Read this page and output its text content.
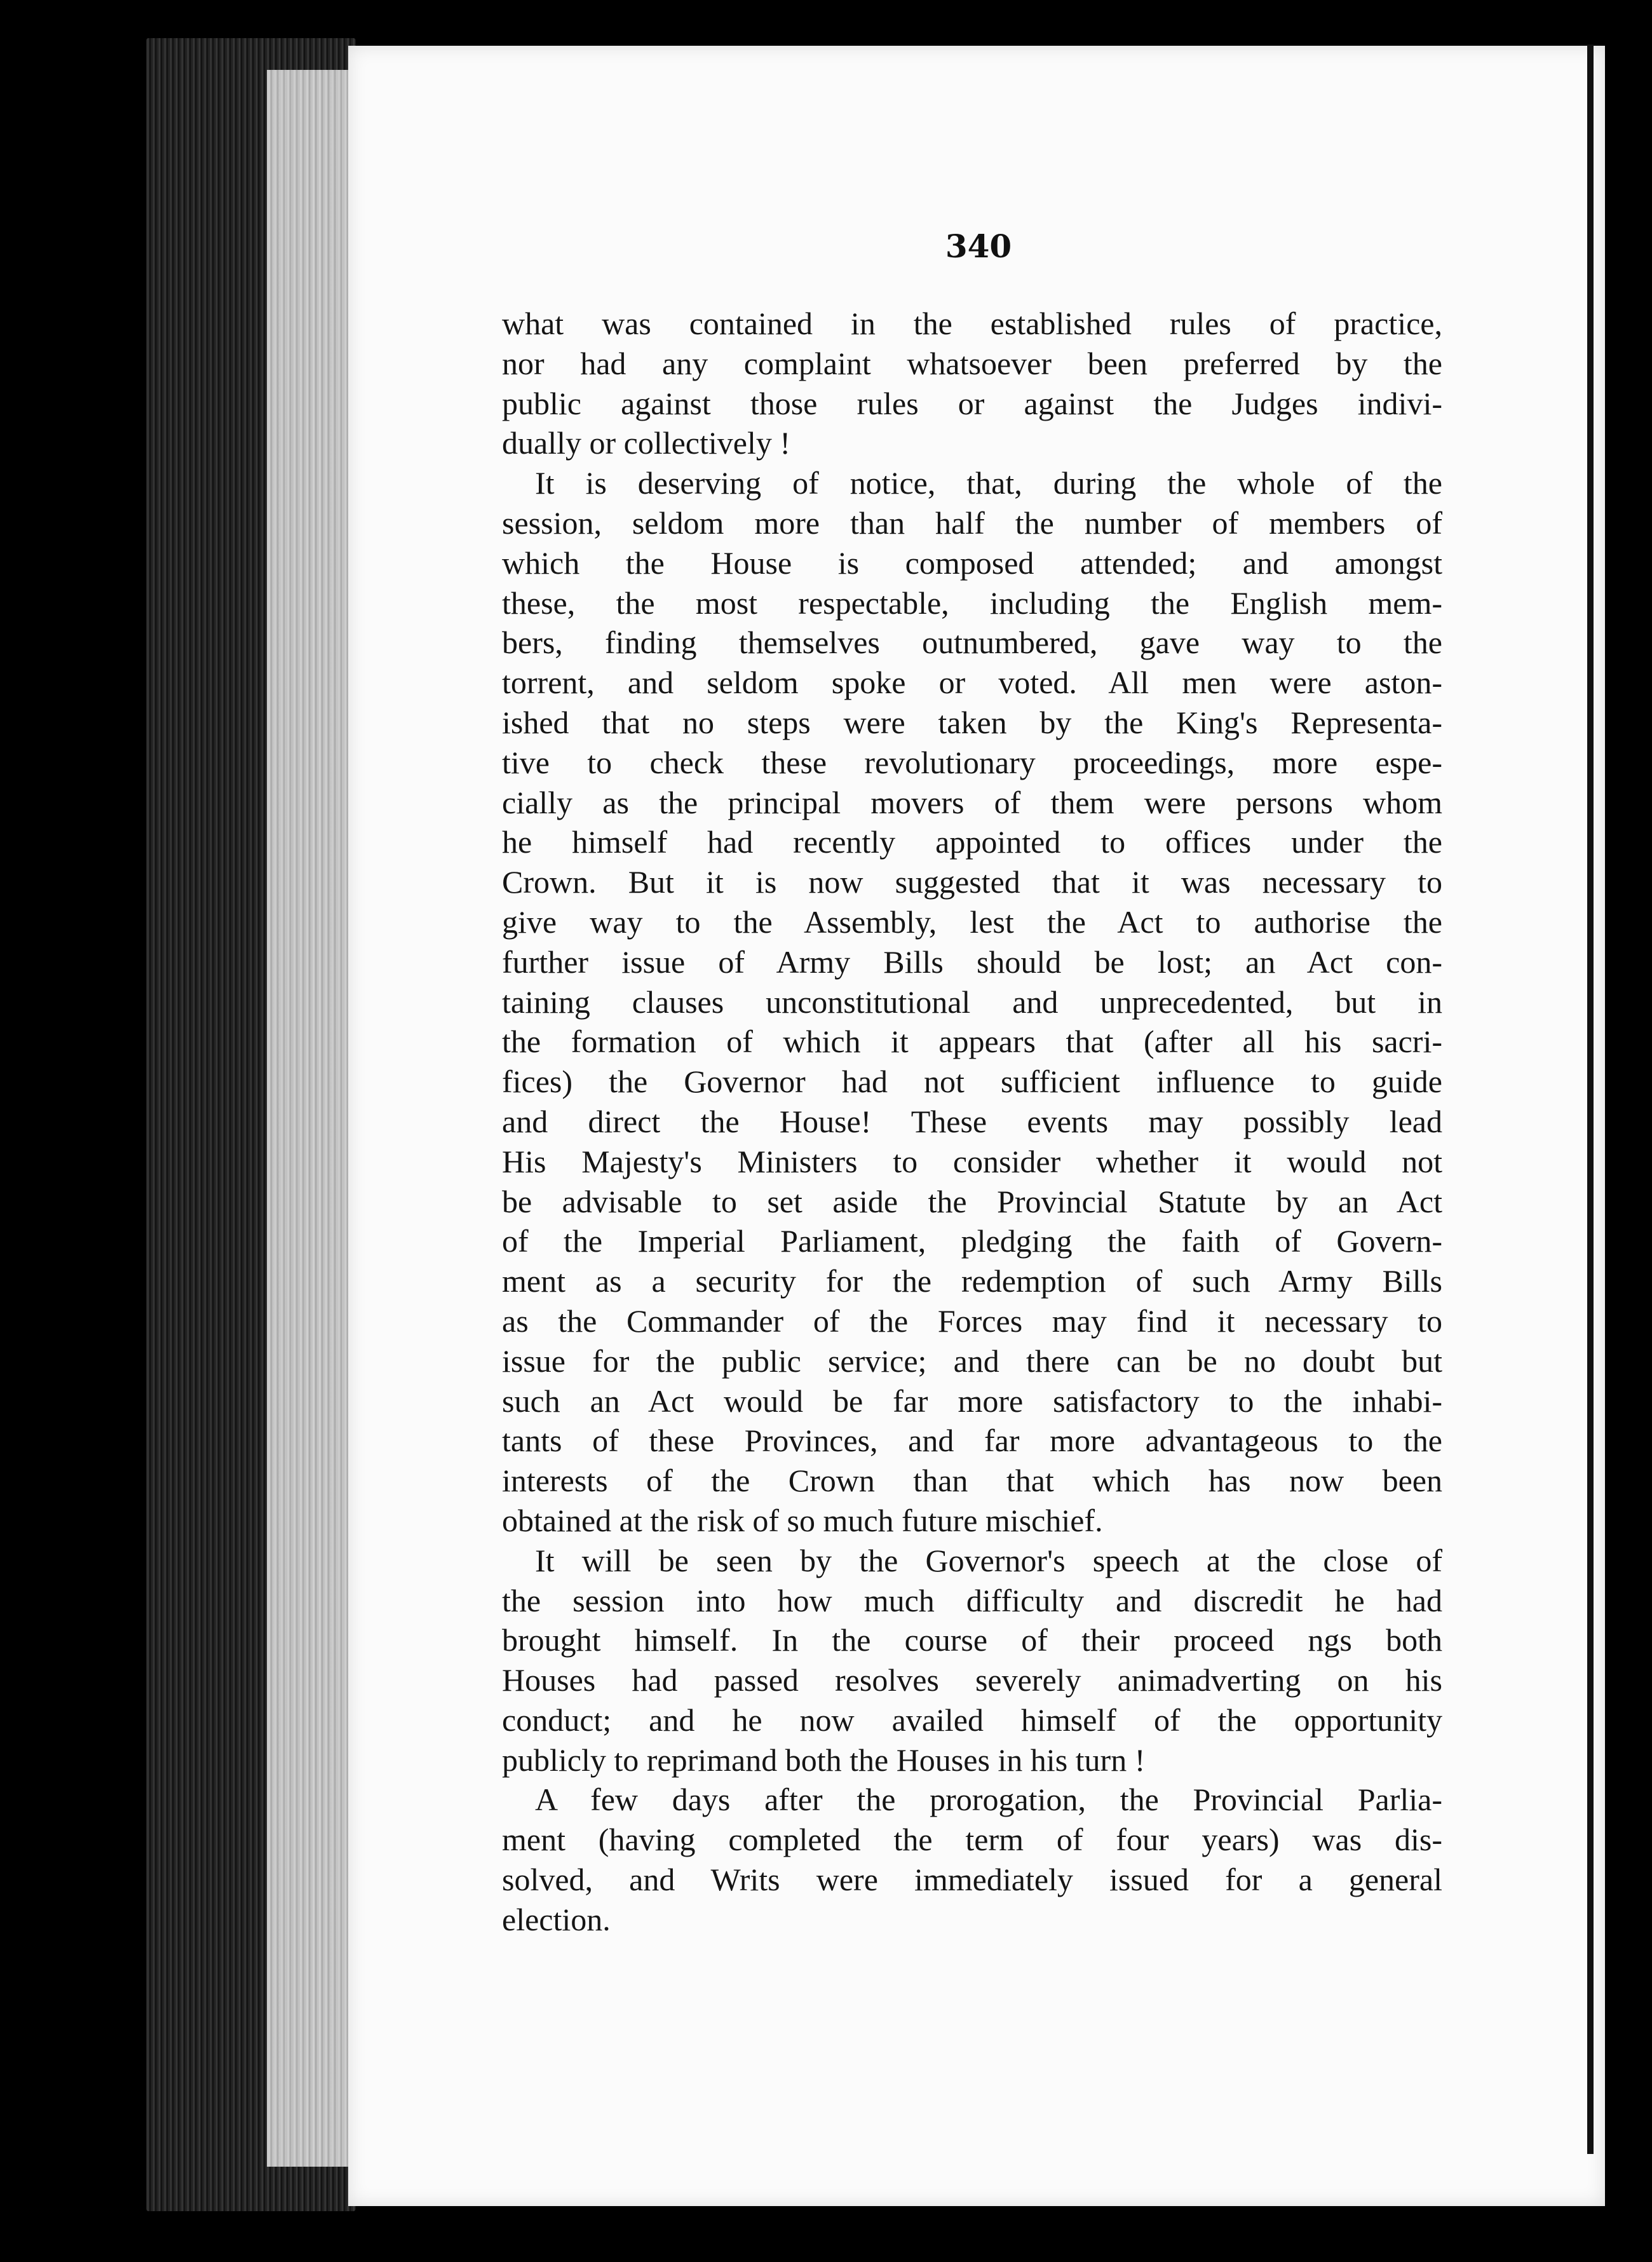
340
what was contained in the established rules of practice,
nor had any complaint whatsoever been preferred by the
public against those rules or against the Judges indivi-
dually or collectively !
It is deserving of notice, that, during the whole of the
session, seldom more than half the number of members of
which the House is composed attended; and amongst
these, the most respectable, including the English mem-
bers, finding themselves outnumbered, gave way to the
torrent, and seldom spoke or voted. All men were aston-
ished that no steps were taken by the King's Representa-
tive to check these revolutionary proceedings, more espe-
cially as the principal movers of them were persons whom
he himself had recently appointed to offices under the
Crown. But it is now suggested that it was necessary to
give way to the Assembly, lest the Act to authorise the
further issue of Army Bills should be lost; an Act con-
taining clauses unconstitutional and unprecedented, but in
the formation of which it appears that (after all his sacri-
fices) the Governor had not sufficient influence to guide
and direct the House! These events may possibly lead
His Majesty's Ministers to consider whether it would not
be advisable to set aside the Provincial Statute by an Act
of the Imperial Parliament, pledging the faith of Govern-
ment as a security for the redemption of such Army Bills
as the Commander of the Forces may find it necessary to
issue for the public service; and there can be no doubt but
such an Act would be far more satisfactory to the inhabi-
tants of these Provinces, and far more advantageous to the
interests of the Crown than that which has now been
obtained at the risk of so much future mischief.
It will be seen by the Governor's speech at the close of
the session into how much difficulty and discredit he had
brought himself. In the course of their proceed ngs both
Houses had passed resolves severely animadverting on his
conduct; and he now availed himself of the opportunity
publicly to reprimand both the Houses in his turn !
A few days after the prorogation, the Provincial Parlia-
ment (having completed the term of four years) was dis-
solved, and Writs were immediately issued for a general
election.
